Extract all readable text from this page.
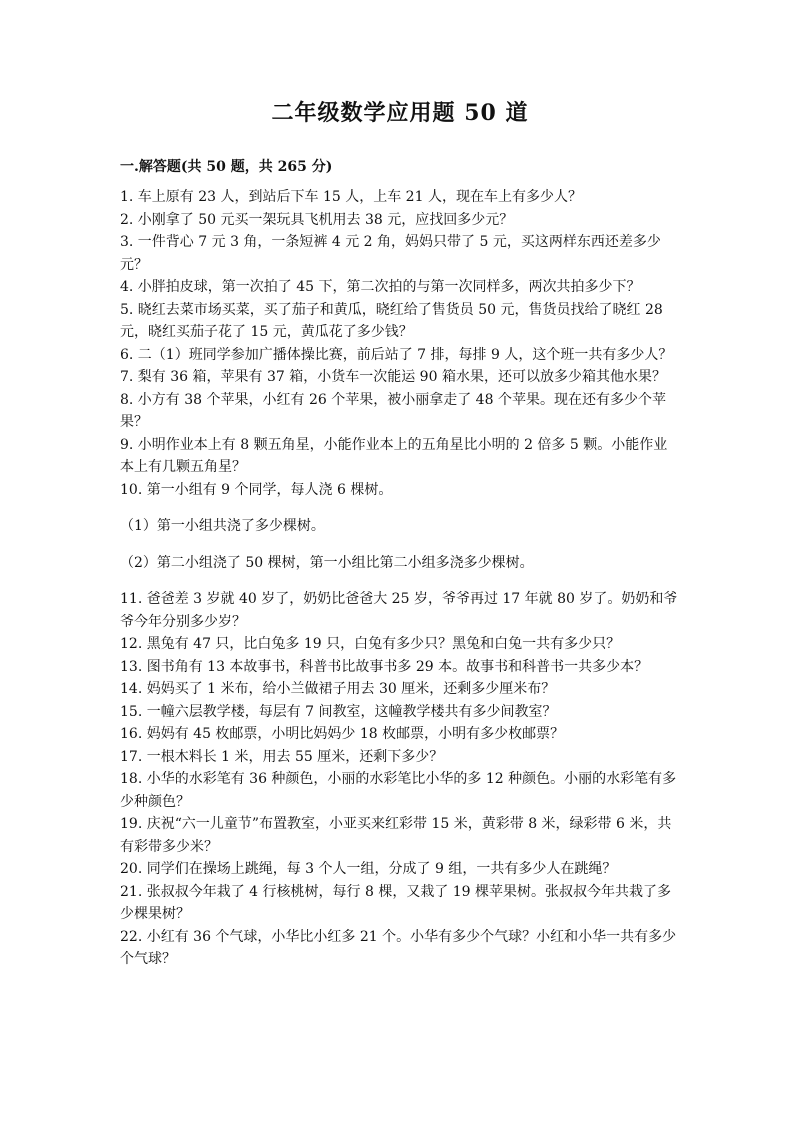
二年级数学应用题 50 道
一.解答题(共 50 题，共 265 分)

1. 车上原有 23 人，到站后下车 15 人，上车 21 人，现在车上有多少人？

2. 小刚拿了 50 元买一架玩具飞机用去 38 元，应找回多少元？

3. 一件背心 7 元 3 角，一条短裤 4 元 2 角，妈妈只带了 5 元，买这两样东西还差多少元？

4. 小胖拍皮球，第一次拍了 45 下，第二次拍的与第一次同样多，两次共拍多少下？

5. 晓红去菜市场买菜，买了茄子和黄瓜，晓红给了售货员 50 元，售货员找给了晓红 28 元，晓红买茄子花了 15 元，黄瓜花了多少钱？

6. 二（1）班同学参加广播体操比赛，前后站了 7 排，每排 9 人，这个班一共有多少人？

7. 梨有 36 箱，苹果有 37 箱，小货车一次能运 90 箱水果，还可以放多少箱其他水果？

8. 小方有 38 个苹果，小红有 26 个苹果，被小丽拿走了 48 个苹果。现在还有多少个苹果？

9. 小明作业本上有 8 颗五角星，小能作业本上的五角星比小明的 2 倍多 5 颗。小能作业本上有几颗五角星？

10. 第一小组有 9 个同学，每人浇 6 棵树。

（1）第一小组共浇了多少棵树。

（2）第二小组浇了 50 棵树，第一小组比第二小组多浇多少棵树。

11. 爸爸差 3 岁就 40 岁了，奶奶比爸爸大 25 岁，爷爷再过 17 年就 80 岁了。奶奶和爷爷今年分别多少岁？

12. 黑兔有 47 只，比白兔多 19 只，白兔有多少只？黑兔和白兔一共有多少只？

13. 图书角有 13 本故事书，科普书比故事书多 29 本。故事书和科普书一共多少本？

14. 妈妈买了 1 米布，给小兰做裙子用去 30 厘米，还剩多少厘米布？

15. 一幢六层教学楼，每层有 7 间教室，这幢教学楼共有多少间教室？

16. 妈妈有 45 枚邮票，小明比妈妈少 18 枚邮票，小明有多少枚邮票？

17. 一根木料长 1 米，用去 55 厘米，还剩下多少？

18. 小华的水彩笔有 36 种颜色，小丽的水彩笔比小华的多 12 种颜色。小丽的水彩笔有多少种颜色？

19. 庆祝“六一儿童节”布置教室，小亚买来红彩带 15 米，黄彩带 8 米，绿彩带 6 米，共有彩带多少米？

20. 同学们在操场上跳绳，每 3 个人一组，分成了 9 组，一共有多少人在跳绳？

21. 张叔叔今年栽了 4 行核桃树，每行 8 棵，又栽了 19 棵苹果树。张叔叔今年共栽了多少棵果树？

22. 小红有 36 个气球，小华比小红多 21 个。小华有多少个气球？小红和小华一共有多少个气球？
